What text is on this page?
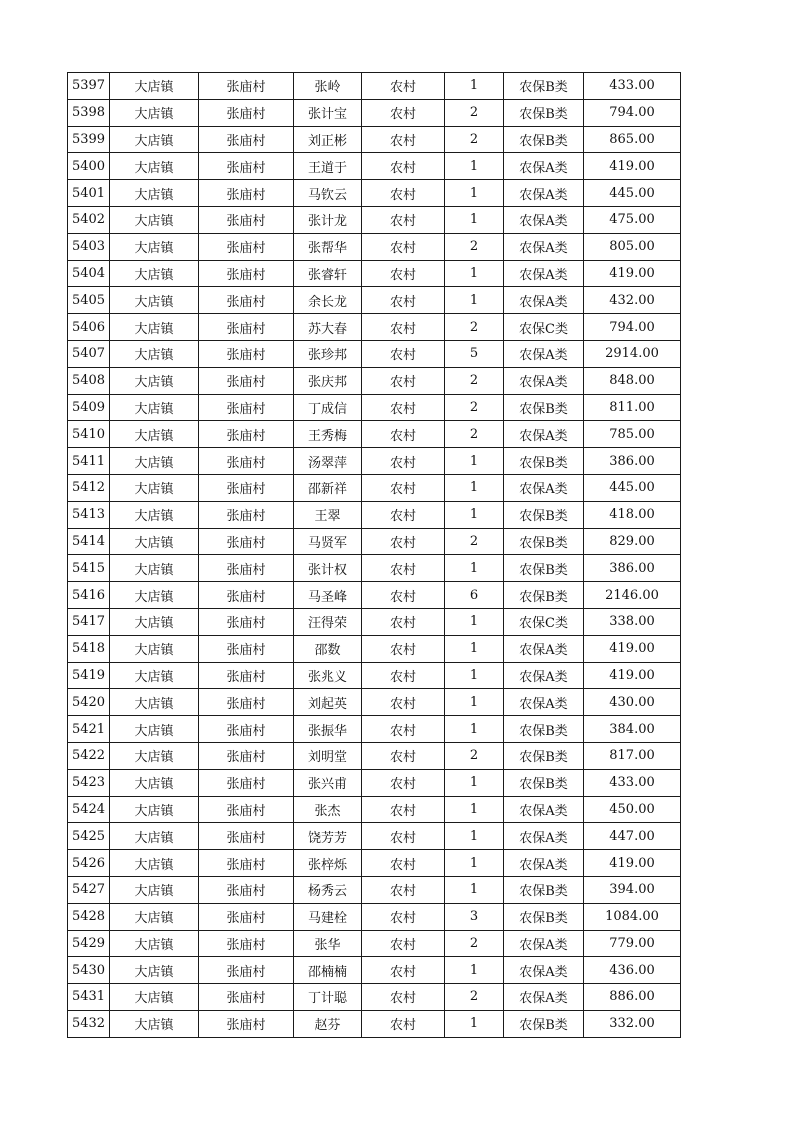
5397	大店镇	张庙村	张岭	农村	1	农保B类	433.00
5398	大店镇	张庙村	张计宝	农村	2	农保B类	794.00
5399	大店镇	张庙村	刘正彬	农村	2	农保B类	865.00
5400	大店镇	张庙村	王道于	农村	1	农保A类	419.00
5401	大店镇	张庙村	马钦云	农村	1	农保A类	445.00
5402	大店镇	张庙村	张计龙	农村	1	农保A类	475.00
5403	大店镇	张庙村	张帮华	农村	2	农保A类	805.00
5404	大店镇	张庙村	张睿轩	农村	1	农保A类	419.00
5405	大店镇	张庙村	余长龙	农村	1	农保A类	432.00
5406	大店镇	张庙村	苏大春	农村	2	农保C类	794.00
5407	大店镇	张庙村	张珍邦	农村	5	农保A类	2914.00
5408	大店镇	张庙村	张庆邦	农村	2	农保A类	848.00
5409	大店镇	张庙村	丁成信	农村	2	农保B类	811.00
5410	大店镇	张庙村	王秀梅	农村	2	农保A类	785.00
5411	大店镇	张庙村	汤翠萍	农村	1	农保B类	386.00
5412	大店镇	张庙村	邵新祥	农村	1	农保A类	445.00
5413	大店镇	张庙村	王翠	农村	1	农保B类	418.00
5414	大店镇	张庙村	马贤军	农村	2	农保B类	829.00
5415	大店镇	张庙村	张计权	农村	1	农保B类	386.00
5416	大店镇	张庙村	马圣峰	农村	6	农保B类	2146.00
5417	大店镇	张庙村	汪得荣	农村	1	农保C类	338.00
5418	大店镇	张庙村	邵数	农村	1	农保A类	419.00
5419	大店镇	张庙村	张兆义	农村	1	农保A类	419.00
5420	大店镇	张庙村	刘起英	农村	1	农保A类	430.00
5421	大店镇	张庙村	张振华	农村	1	农保B类	384.00
5422	大店镇	张庙村	刘明堂	农村	2	农保B类	817.00
5423	大店镇	张庙村	张兴甫	农村	1	农保B类	433.00
5424	大店镇	张庙村	张杰	农村	1	农保A类	450.00
5425	大店镇	张庙村	饶芳芳	农村	1	农保A类	447.00
5426	大店镇	张庙村	张梓烁	农村	1	农保A类	419.00
5427	大店镇	张庙村	杨秀云	农村	1	农保B类	394.00
5428	大店镇	张庙村	马建栓	农村	3	农保B类	1084.00
5429	大店镇	张庙村	张华	农村	2	农保A类	779.00
5430	大店镇	张庙村	邵楠楠	农村	1	农保A类	436.00
5431	大店镇	张庙村	丁计聪	农村	2	农保A类	886.00
5432	大店镇	张庙村	赵芬	农村	1	农保B类	332.00
